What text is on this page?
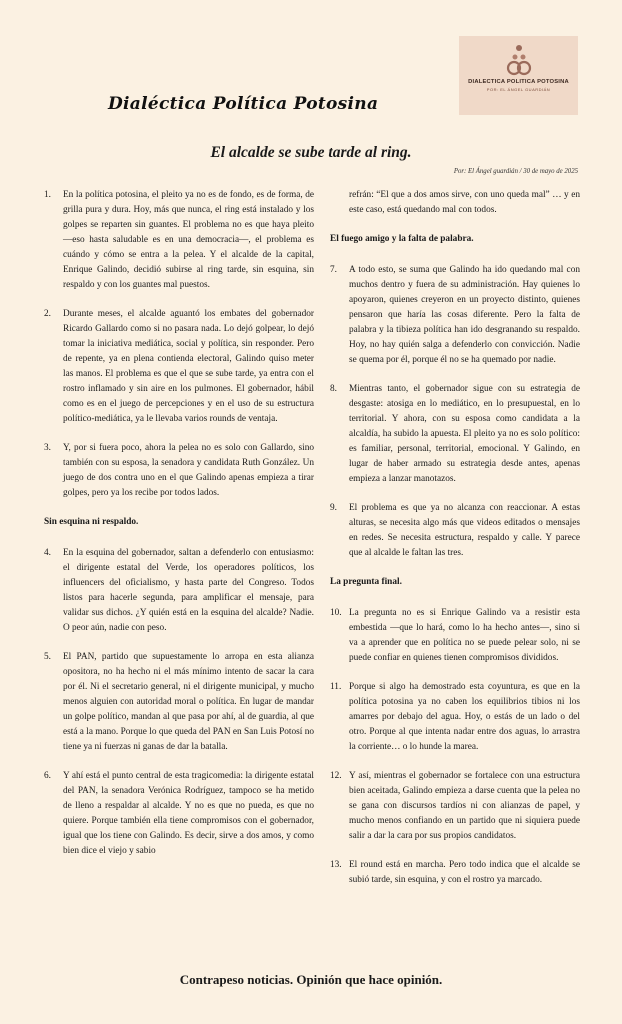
Dialéctica Política Potosina
DIALECTICA POLITICA POTOSINA
POR: EL ÁNGEL GUARDIÁN
El alcalde se sube tarde al ring.
Por: El Ángel guardián / 30 de mayo de 2025
1.	En la política potosina, el pleito ya no es de fondo, es de forma, de grilla pura y dura. Hoy, más que nunca, el ring está instalado y los golpes se reparten sin guantes. El problema no es que haya pleito —eso hasta saludable es en una democracia—, el problema es cuándo y cómo se entra a la pelea. Y el alcalde de la capital, Enrique Galindo, decidió subirse al ring tarde, sin esquina, sin respaldo y con los guantes mal puestos.
2.	Durante meses, el alcalde aguantó los embates del gobernador Ricardo Gallardo como si no pasara nada. Lo dejó golpear, lo dejó tomar la iniciativa mediática, social y política, sin responder. Pero de repente, ya en plena contienda electoral, Galindo quiso meter las manos. El problema es que el que se sube tarde, ya entra con el rostro inflamado y sin aire en los pulmones. El gobernador, hábil como es en el juego de percepciones y en el uso de su estructura político-mediática, ya le llevaba varios rounds de ventaja.
3.	Y, por si fuera poco, ahora la pelea no es solo con Gallardo, sino también con su esposa, la senadora y candidata Ruth González. Un juego de dos contra uno en el que Galindo apenas empieza a tirar golpes, pero ya los recibe por todos lados.
Sin esquina ni respaldo.
4.	En la esquina del gobernador, saltan a defenderlo con entusiasmo: el dirigente estatal del Verde, los operadores políticos, los influencers del oficialismo, y hasta parte del Congreso. Todos listos para hacerle segunda, para amplificar el mensaje, para validar sus dichos. ¿Y quién está en la esquina del alcalde? Nadie. O peor aún, nadie con peso.
5.	El PAN, partido que supuestamente lo arropa en esta alianza opositora, no ha hecho ni el más mínimo intento de sacar la cara por él. Ni el secretario general, ni el dirigente municipal, y mucho menos alguien con autoridad moral o política. En lugar de mandar un golpe político, mandan al que pasa por ahí, al de guardia, al que está a la mano. Porque lo que queda del PAN en San Luis Potosí no tiene ya ni fuerzas ni ganas de dar la batalla.
6.	Y ahí está el punto central de esta tragicomedia: la dirigente estatal del PAN, la senadora Verónica Rodríguez, tampoco se ha metido de lleno a respaldar al alcalde. Y no es que no pueda, es que no quiere. Porque también ella tiene compromisos con el gobernador, igual que los tiene con Galindo. Es decir, sirve a dos amos, y como bien dice el viejo y sabio
refrán: “El que a dos amos sirve, con uno queda mal” … y en este caso, está quedando mal con todos.
El fuego amigo y la falta de palabra.
7.	A todo esto, se suma que Galindo ha ido quedando mal con muchos dentro y fuera de su administración. Hay quienes lo apoyaron, quienes creyeron en un proyecto distinto, quienes pensaron que haría las cosas diferente. Pero la falta de palabra y la tibieza política han ido desgranando su respaldo. Hoy, no hay quién salga a defenderlo con convicción. Nadie se quema por él, porque él no se ha quemado por nadie.
8.	Mientras tanto, el gobernador sigue con su estrategia de desgaste: atosiga en lo mediático, en lo presupuestal, en lo territorial. Y ahora, con su esposa como candidata a la alcaldía, ha subido la apuesta. El pleito ya no es solo político: es familiar, personal, territorial, emocional. Y Galindo, en lugar de haber armado su estrategia desde antes, apenas empieza a lanzar manotazos.
9.	El problema es que ya no alcanza con reaccionar. A estas alturas, se necesita algo más que videos editados o mensajes en redes. Se necesita estructura, respaldo y calle. Y parece que al alcalde le faltan las tres.
La pregunta final.
10. La pregunta no es si Enrique Galindo va a resistir esta embestida —que lo hará, como lo ha hecho antes—, sino si va a aprender que en política no se puede pelear solo, ni se puede confiar en quienes tienen compromisos divididos.
11. Porque si algo ha demostrado esta coyuntura, es que en la política potosina ya no caben los equilibrios tibios ni los amarres por debajo del agua. Hoy, o estás de un lado o del otro. Porque al que intenta nadar entre dos aguas, lo arrastra la corriente… o lo hunde la marea.
12. Y así, mientras el gobernador se fortalece con una estructura bien aceitada, Galindo empieza a darse cuenta que la pelea no se gana con discursos tardíos ni con alianzas de papel, y mucho menos confiando en un partido que ni siquiera puede salir a dar la cara por sus propios candidatos.
13. El round está en marcha. Pero todo indica que el alcalde se subió tarde, sin esquina, y con el rostro ya marcado.
Contrapeso noticias. Opinión que hace opinión.
